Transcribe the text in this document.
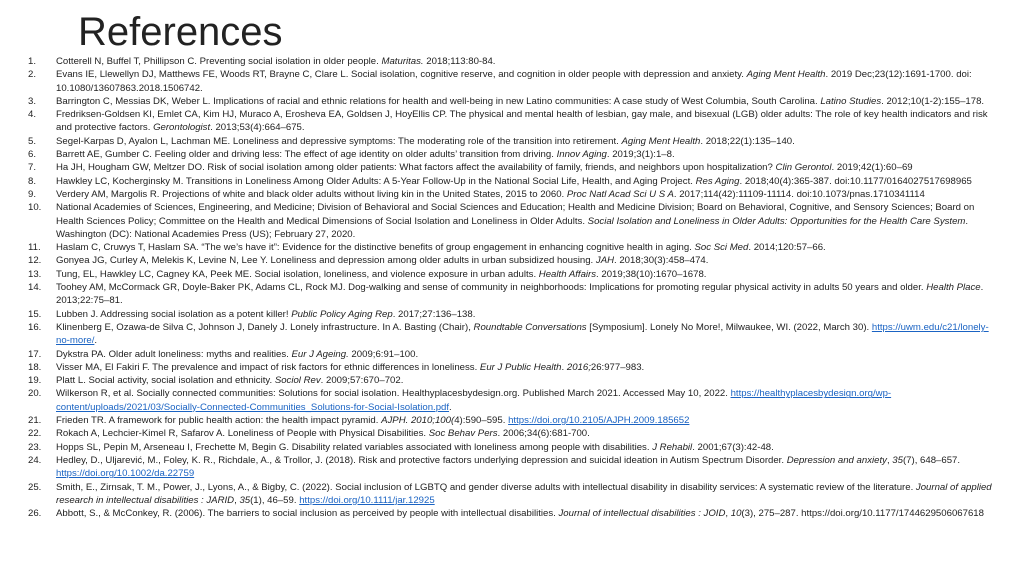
References
1. Cotterell N, Buffel T, Phillipson C. Preventing social isolation in older people. Maturitas. 2018;113:80-84.
2. Evans IE, Llewellyn DJ, Matthews FE, Woods RT, Brayne C, Clare L. Social isolation, cognitive reserve, and cognition in older people with depression and anxiety. Aging Ment Health. 2019 Dec;23(12):1691-1700. doi: 10.1080/13607863.2018.1506742.
3. Barrington C, Messias DK, Weber L. Implications of racial and ethnic relations for health and well-being in new Latino communities: A case study of West Columbia, South Carolina. Latino Studies. 2012;10(1-2):155–178.
4. Fredriksen-Goldsen KI, Emlet CA, Kim HJ, Muraco A, Erosheva EA, Goldsen J, HoyEllis CP. The physical and mental health of lesbian, gay male, and bisexual (LGB) older adults: The role of key health indicators and risk and protective factors. Gerontologist. 2013;53(4):664–675.
5. Segel-Karpas D, Ayalon L, Lachman ME. Loneliness and depressive symptoms: The moderating role of the transition into retirement. Aging Ment Health. 2018;22(1):135–140.
6. Barrett AE, Gumber C. Feeling older and driving less: The effect of age identity on older adults’ transition from driving. Innov Aging. 2019;3(1):1–8.
7. Ha JH, Hougham GW, Meltzer DO. Risk of social isolation among older patients: What factors affect the availability of family, friends, and neighbors upon hospitalization? Clin Gerontol. 2019;42(1):60–69
8. Hawkley LC, Kocherginsky M. Transitions in Loneliness Among Older Adults: A 5-Year Follow-Up in the National Social Life, Health, and Aging Project. Res Aging. 2018;40(4):365-387. doi:10.1177/0164027517698965
9. Verdery AM, Margolis R. Projections of white and black older adults without living kin in the United States, 2015 to 2060. Proc Natl Acad Sci U S A. 2017;114(42):11109-11114. doi:10.1073/pnas.1710341114
10. National Academies of Sciences, Engineering, and Medicine; Division of Behavioral and Social Sciences and Education; Health and Medicine Division; Board on Behavioral, Cognitive, and Sensory Sciences; Board on Health Sciences Policy; Committee on the Health and Medical Dimensions of Social Isolation and Loneliness in Older Adults. Social Isolation and Loneliness in Older Adults: Opportunities for the Health Care System. Washington (DC): National Academies Press (US); February 27, 2020.
11. Haslam C, Cruwys T, Haslam SA. “The we’s have it”: Evidence for the distinctive benefits of group engagement in enhancing cognitive health in aging. Soc Sci Med. 2014;120:57–66.
12. Gonyea JG, Curley A, Melekis K, Levine N, Lee Y. Loneliness and depression among older adults in urban subsidized housing. JAH. 2018;30(3):458–474.
13. Tung, EL, Hawkley LC, Cagney KA, Peek ME. Social isolation, loneliness, and violence exposure in urban adults. Health Affairs. 2019;38(10):1670–1678.
14. Toohey AM, McCormack GR, Doyle-Baker PK, Adams CL, Rock MJ. Dog-walking and sense of community in neighborhoods: Implications for promoting regular physical activity in adults 50 years and older. Health Place. 2013;22:75–81.
15. Lubben J. Addressing social isolation as a potent killer! Public Policy Aging Rep. 2017;27:136–138.
16. Klinenberg E, Ozawa-de Silva C, Johnson J, Danely J. Lonely infrastructure. In A. Basting (Chair), Roundtable Conversations [Symposium]. Lonely No More!, Milwaukee, WI. (2022, March 30). https://uwm.edu/c21/lonely-no-more/.
17. Dykstra PA. Older adult loneliness: myths and realities. Eur J Ageing. 2009;6:91–100.
18. Visser MA, El Fakiri F. The prevalence and impact of risk factors for ethnic differences in loneliness. Eur J Public Health. 2016;26:977–983.
19. Platt L. Social activity, social isolation and ethnicity. Sociol Rev. 2009;57:670–702.
20. Wilkerson R, et al. Socially connected communities: Solutions for social isolation. Healthyplacesbydesign.org. Published March 2021. Accessed May 10, 2022. https://healthyplacesbydesign.org/wp-content/uploads/2021/03/Socially-Connected-Communities_Solutions-for-Social-Isolation.pdf.
21. Frieden TR. A framework for public health action: the health impact pyramid. AJPH. 2010;100(4):590–595. https://doi.org/10.2105/AJPH.2009.185652
22. Rokach A, Lechcier-Kimel R, Safarov A. Loneliness of People with Physical Disabilities. Soc Behav Pers. 2006;34(6):681-700.
23. Hopps SL, Pepin M, Arseneau I, Frechette M, Begin G. Disability related variables associated with loneliness among people with disabilities. J Rehabil. 2001;67(3):42-48.
24. Hedley, D., Uljarević, M., Foley, K. R., Richdale, A., & Trollor, J. (2018). Risk and protective factors underlying depression and suicidal ideation in Autism Spectrum Disorder. Depression and anxiety, 35(7), 648–657. https://doi.org/10.1002/da.22759
25. Smith, E., Zirnsak, T. M., Power, J., Lyons, A., & Bigby, C. (2022). Social inclusion of LGBTQ and gender diverse adults with intellectual disability in disability services: A systematic review of the literature. Journal of applied research in intellectual disabilities : JARID, 35(1), 46–59. https://doi.org/10.1111/jar.12925
26. Abbott, S., & McConkey, R. (2006). The barriers to social inclusion as perceived by people with intellectual disabilities. Journal of intellectual disabilities : JOID, 10(3), 275–287. https://doi.org/10.1177/1744629506067618
